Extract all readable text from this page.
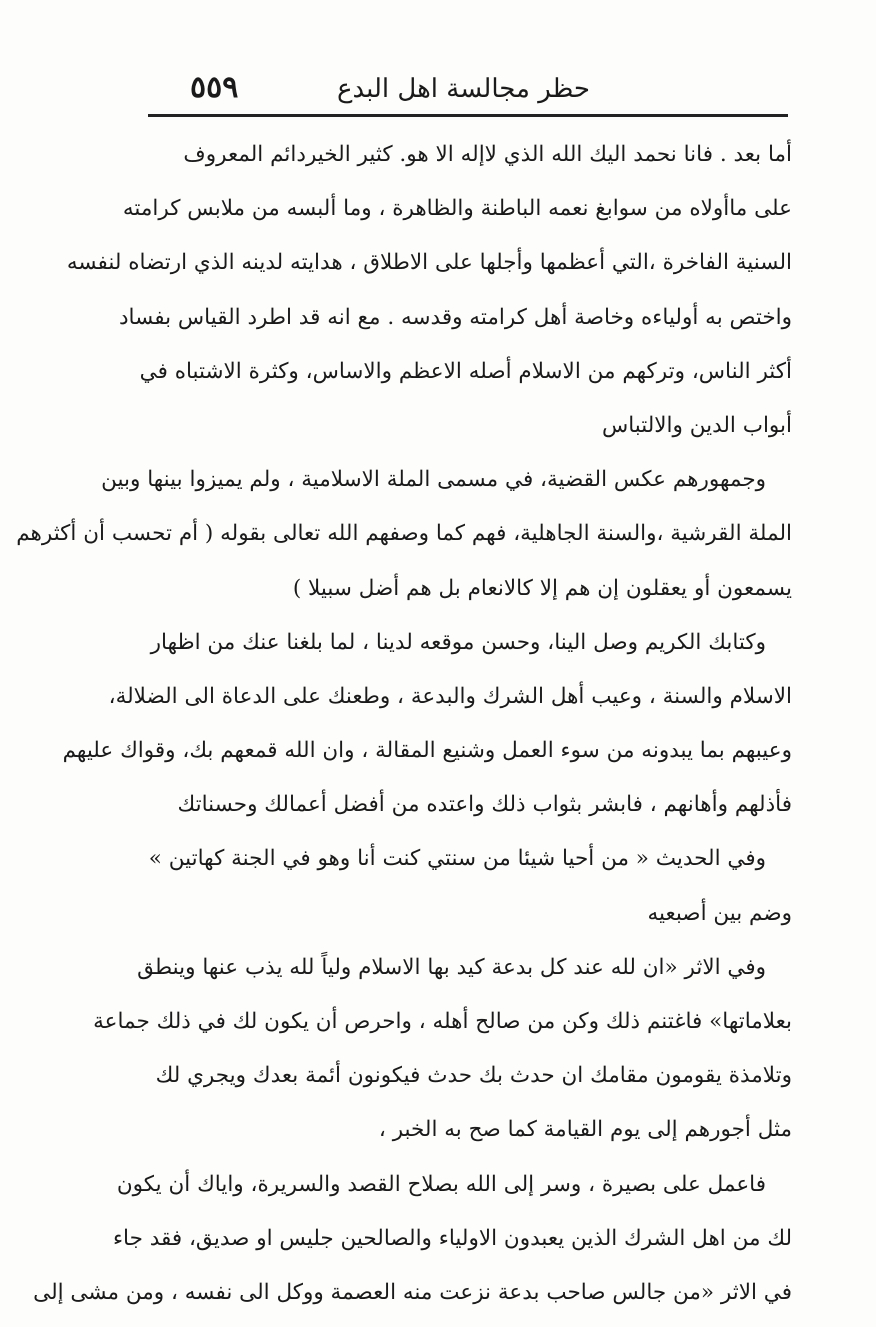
حظر مجالسة اهل البدع
٥٥٩

أما بعد . فانا نحمد اليك الله الذي لاإله الا هو. كثير الخيردائم المعروف
على ماأولاه من سوابغ نعمه الباطنة والظاهرة ، وما ألبسه من ملابس كرامته
السنية الفاخرة ،التي أعظمها وأجلها على الاطلاق ، هدايته لدينه الذي ارتضاه لنفسه
واختص به أولياءه وخاصة أهل كرامته وقدسه . مع انه قد اطرد القياس بفساد
أكثر الناس، وتركهم من الاسلام أصله الاعظم والاساس، وكثرة الاشتباه في
أبواب الدين والالتباس

وجمهورهم عكس القضية، في مسمى الملة الاسلامية ، ولم يميزوا بينها وبين
الملة القرشية ،والسنة الجاهلية، فهم كما وصفهم الله تعالى بقوله ( أم تحسب أن أكثرهم
يسمعون أو يعقلون إن هم إلا كالانعام بل هم أضل سبيلا )

وكتابك الكريم وصل الينا، وحسن موقعه لدينا ، لما بلغنا عنك من اظهار
الاسلام والسنة ، وعيب أهل الشرك والبدعة ، وطعنك على الدعاة الى الضلالة،
وعيبهم بما يبدونه من سوء العمل وشنيع المقالة ، وان الله قمعهم بك، وقواك عليهم
فأذلهم وأهانهم ، فابشر بثواب ذلك واعتده من أفضل أعمالك وحسناتك

وفي الحديث « من أحيا شيئا من سنتي كنت أنا وهو في الجنة كهاتين »
وضم بين أصبعيه

وفي الاثر «ان لله عند كل بدعة كيد بها الاسلام ولياً لله يذب عنها وينطق
بعلاماتها» فاغتنم ذلك وكن من صالح أهله ، واحرص أن يكون لك في ذلك جماعة
وتلامذة يقومون مقامك ان حدث بك حدث فيكونون أئمة بعدك ويجري لك
مثل أجورهم إلى يوم القيامة كما صح به الخبر ،

فاعمل على بصيرة ، وسر إلى الله بصلاح القصد والسريرة، واياك أن يكون
لك من اهل الشرك الذين يعبدون الاولياء والصالحين جليس او صديق، فقد جاء
في الاثر «من جالس صاحب بدعة نزعت منه العصمة ووكل الى نفسه ، ومن مشى إلى
